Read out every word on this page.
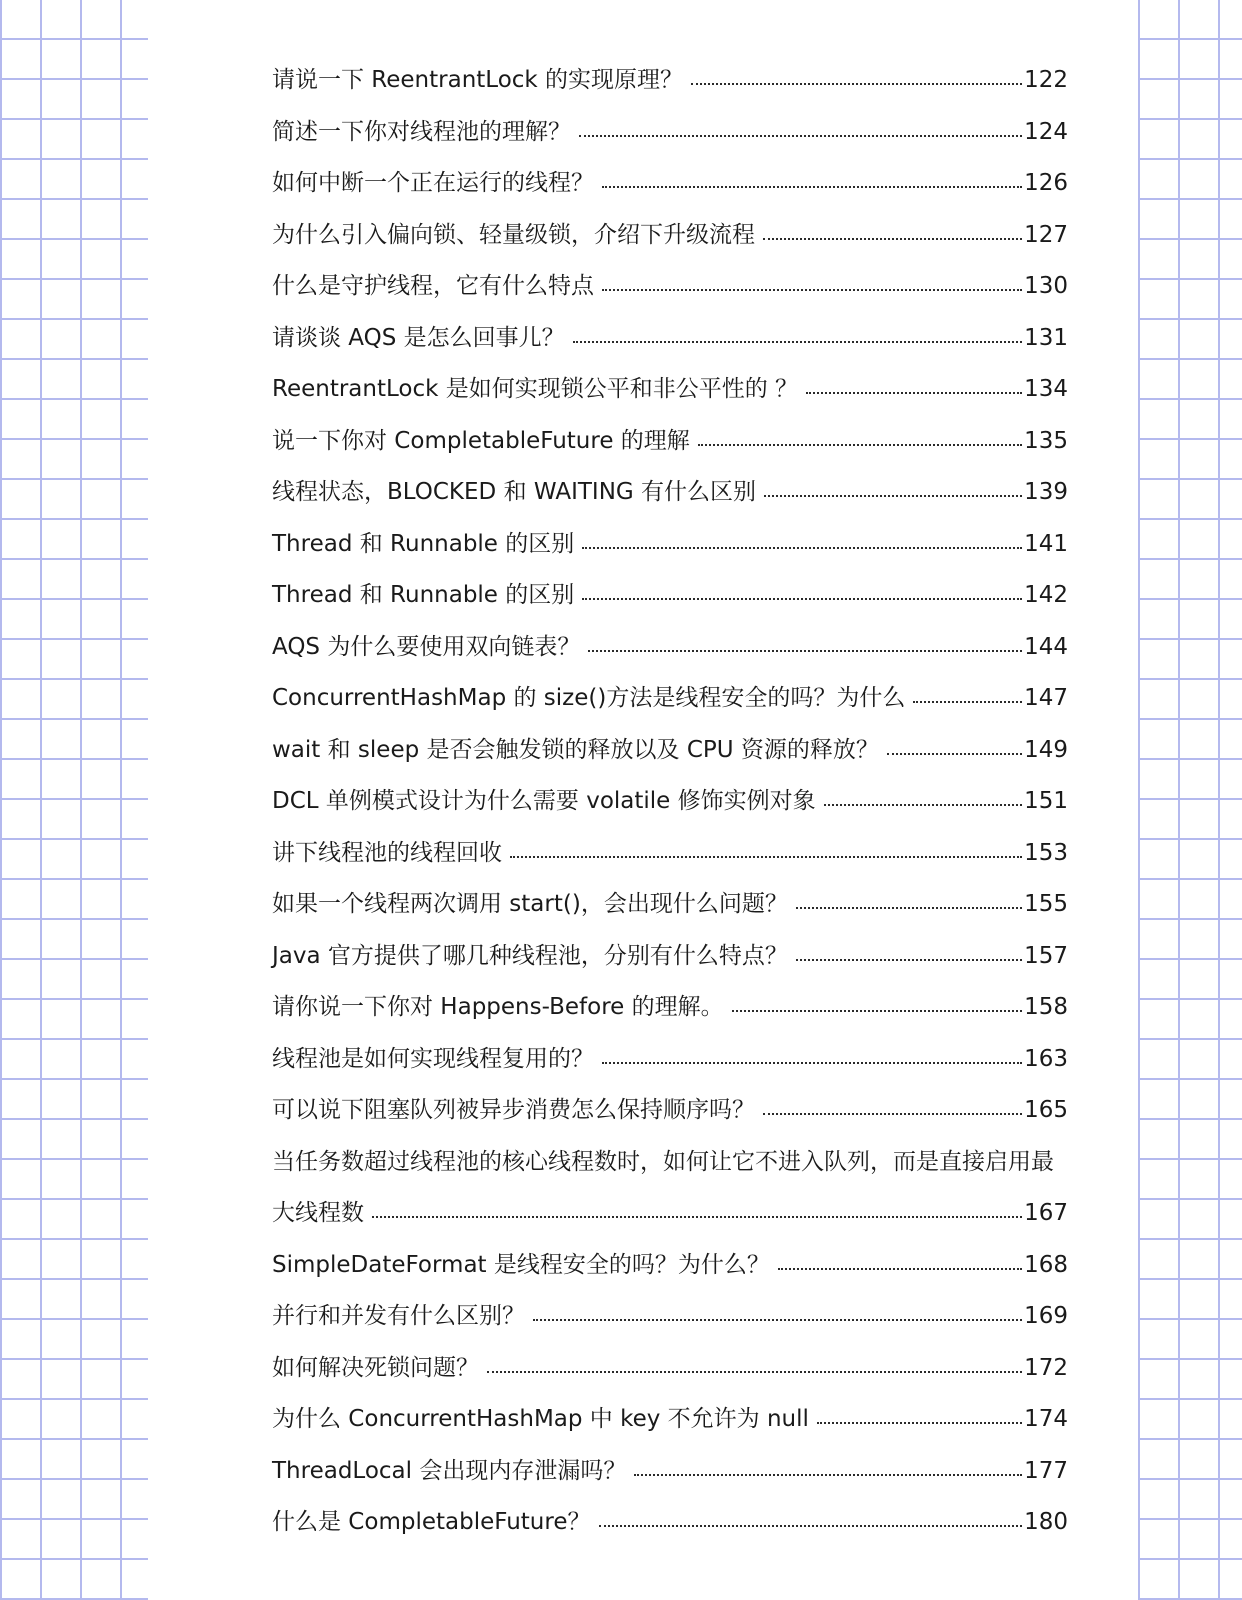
请说一下 ReentrantLock 的实现原理？	122
简述一下你对线程池的理解？	124
如何中断一个正在运行的线程？	126
为什么引入偏向锁、轻量级锁，介绍下升级流程	127
什么是守护线程，它有什么特点	130
请谈谈 AQS 是怎么回事儿？	131
ReentrantLock 是如何实现锁公平和非公平性的 ？	134
说一下你对 CompletableFuture 的理解	135
线程状态，BLOCKED 和 WAITING 有什么区别	139
Thread 和 Runnable 的区别	141
Thread 和 Runnable 的区别	142
AQS 为什么要使用双向链表？	144
ConcurrentHashMap 的 size()方法是线程安全的吗？为什么	147
wait 和 sleep 是否会触发锁的释放以及 CPU 资源的释放？	149
DCL 单例模式设计为什么需要 volatile 修饰实例对象	151
讲下线程池的线程回收	153
如果一个线程两次调用 start()，会出现什么问题？	155
Java 官方提供了哪几种线程池，分别有什么特点？	157
请你说一下你对 Happens-Before 的理解。	158
线程池是如何实现线程复用的？	163
可以说下阻塞队列被异步消费怎么保持顺序吗？	165
当任务数超过线程池的核心线程数时，如何让它不进入队列，而是直接启用最
大线程数	167
SimpleDateFormat 是线程安全的吗？为什么？	168
并行和并发有什么区别？	169
如何解决死锁问题？	172
为什么 ConcurrentHashMap 中 key 不允许为 null	174
ThreadLocal 会出现内存泄漏吗？	177
什么是 CompletableFuture？	180
